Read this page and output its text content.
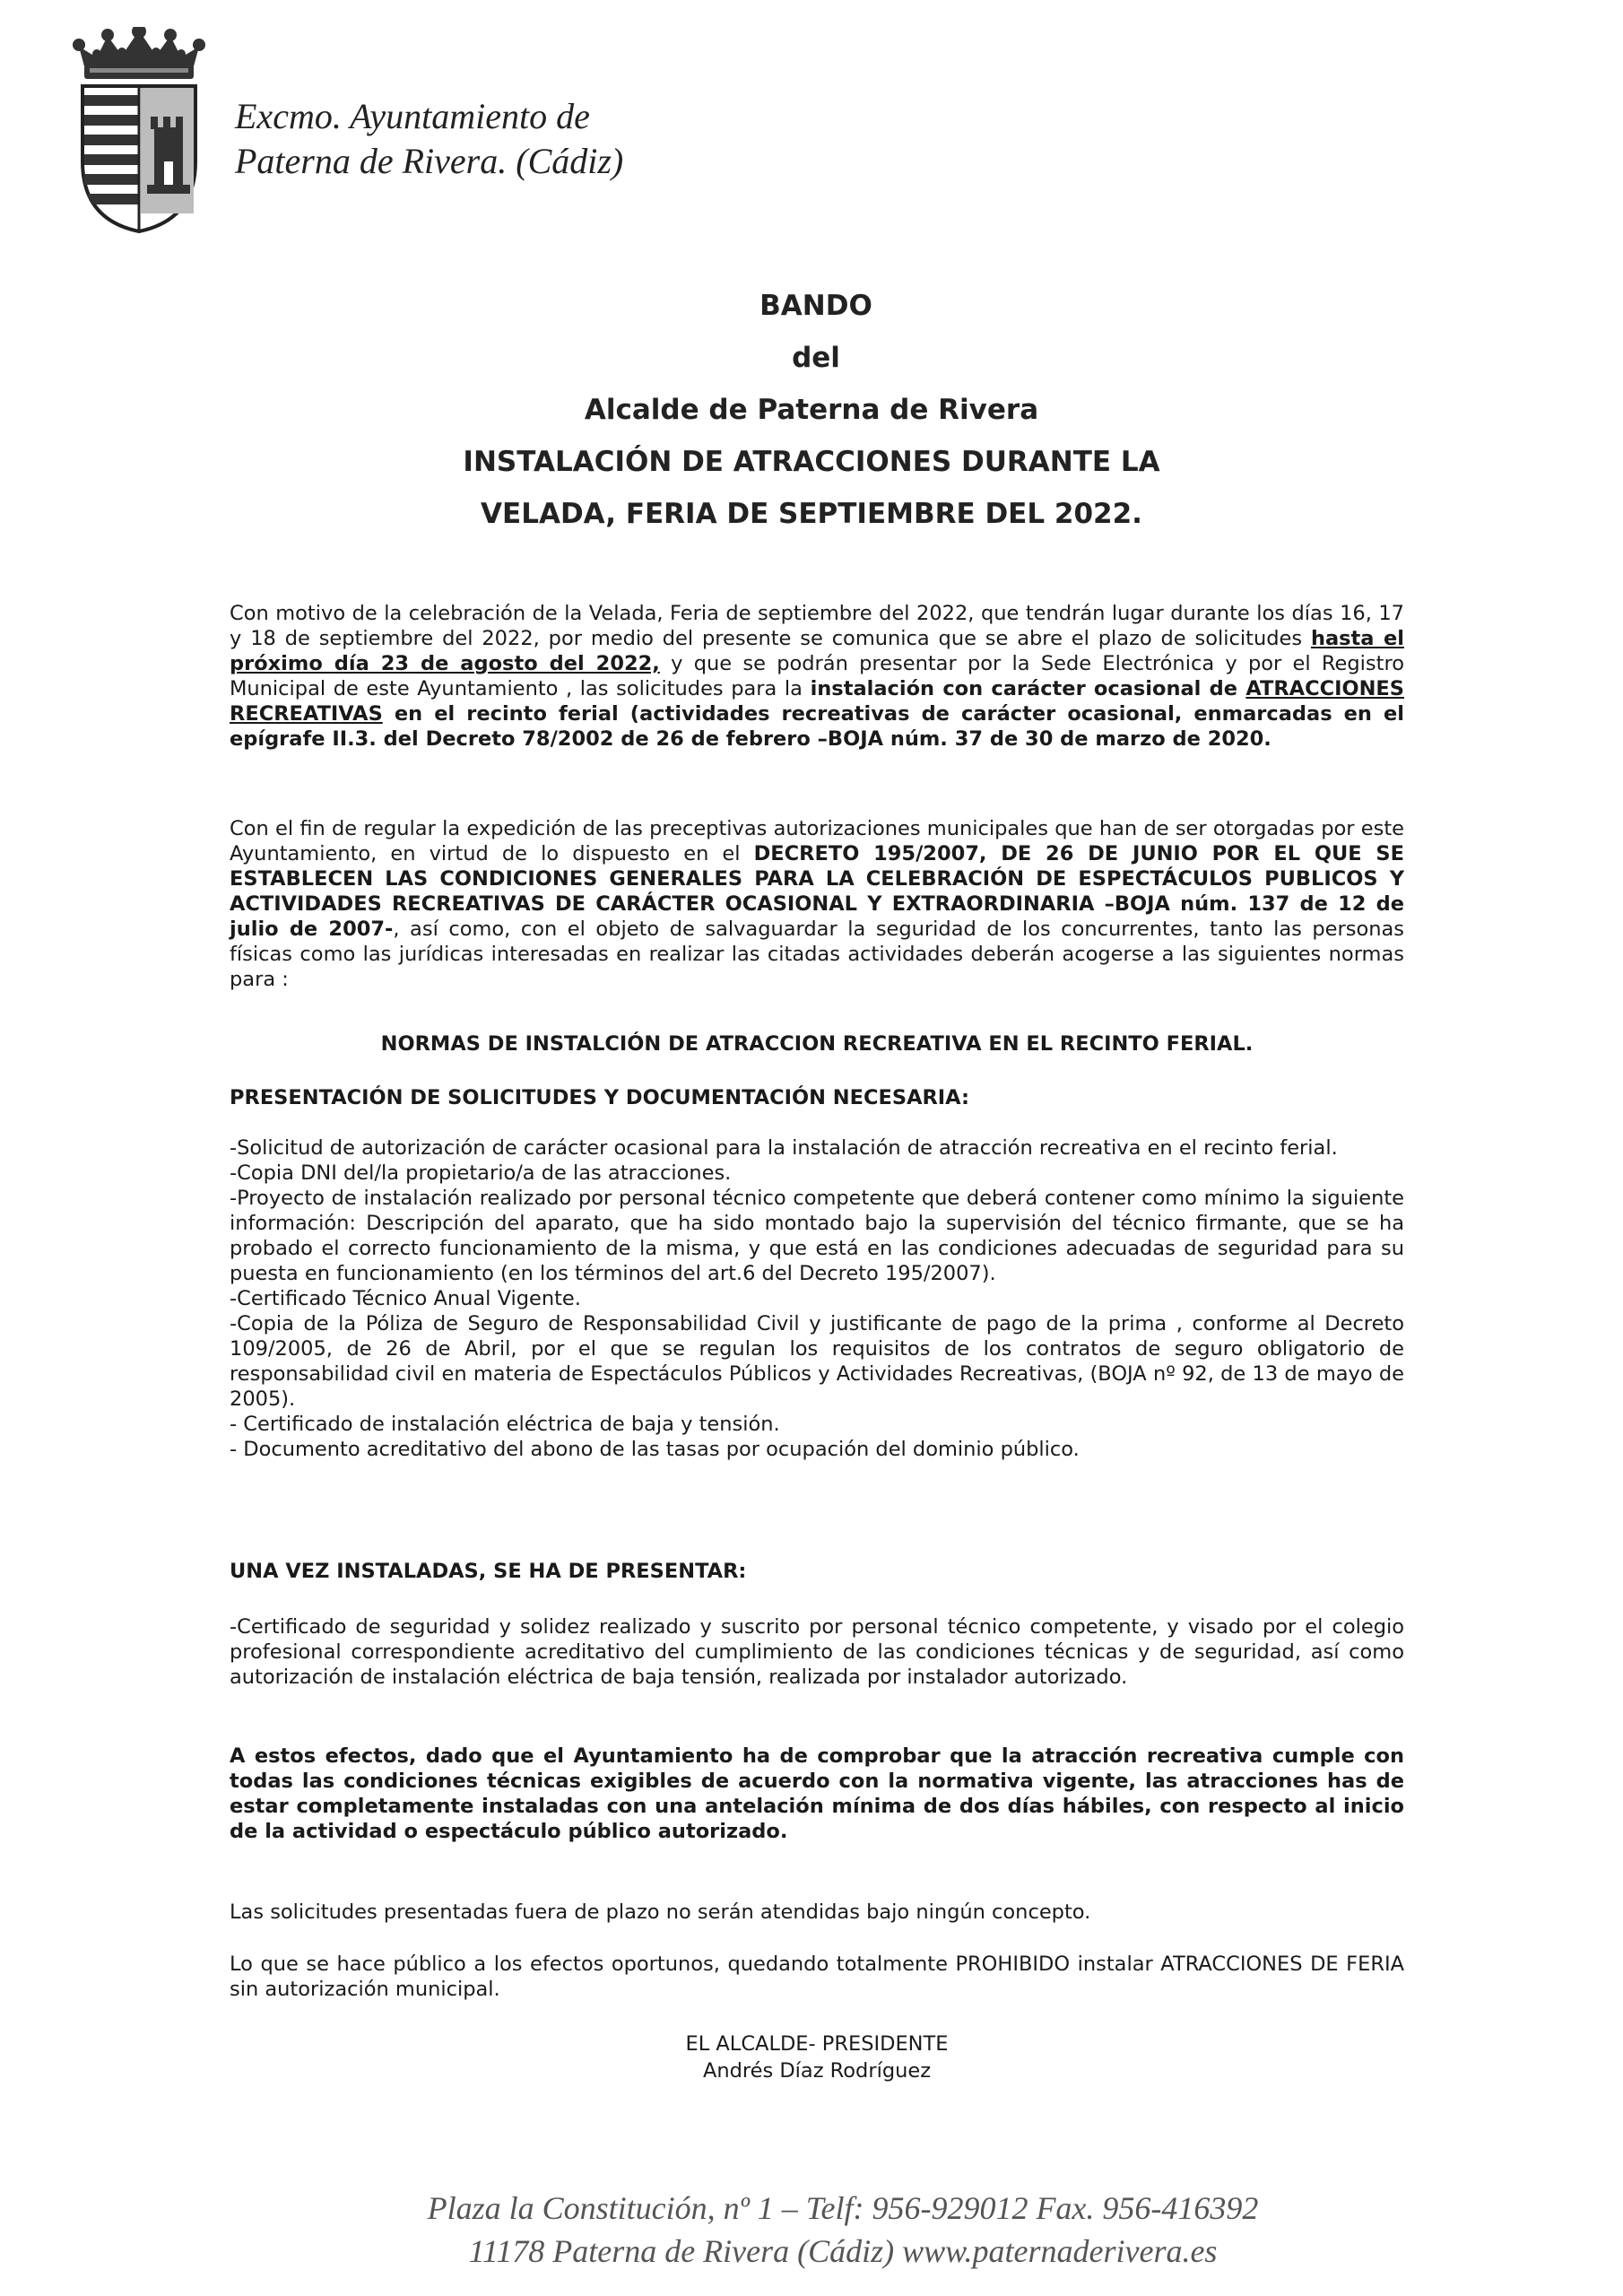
Excmo. Ayuntamiento de
Paterna de Rivera. (Cádiz)
BANDO
del
Alcalde de Paterna de Rivera
INSTALACIÓN DE ATRACCIONES DURANTE LA
VELADA, FERIA DE SEPTIEMBRE DEL 2022.

Con motivo de la celebración de la Velada, Feria de septiembre del 2022, que tendrán lugar durante los días 16, 17 y 18 de septiembre del 2022, por medio del presente se comunica que se abre el plazo de solicitudes hasta el próximo día 23 de agosto del 2022, y que se podrán presentar por la Sede Electrónica y por el Registro Municipal de este Ayuntamiento , las solicitudes para la instalación con carácter ocasional de ATRACCIONES RECREATIVAS en el recinto ferial (actividades recreativas de carácter ocasional, enmarcadas en el epígrafe II.3. del Decreto 78/2002 de 26 de febrero –BOJA núm. 37 de 30 de marzo de 2020.

Con el fin de regular la expedición de las preceptivas autorizaciones municipales que han de ser otorgadas por este Ayuntamiento, en virtud de lo dispuesto en el DECRETO 195/2007, DE 26 DE JUNIO POR EL QUE SE ESTABLECEN LAS CONDICIONES GENERALES PARA LA CELEBRACIÓN DE ESPECTÁCULOS PUBLICOS Y ACTIVIDADES RECREATIVAS DE CARÁCTER OCASIONAL Y EXTRAORDINARIA –BOJA núm. 137 de 12 de julio de 2007-, así como, con el objeto de salvaguardar la seguridad de los concurrentes, tanto las personas físicas como las jurídicas interesadas en realizar las citadas actividades deberán acogerse a las siguientes normas para :

NORMAS DE INSTALCIÓN DE ATRACCION RECREATIVA EN EL RECINTO FERIAL.
PRESENTACIÓN DE SOLICITUDES Y DOCUMENTACIÓN NECESARIA:

-Solicitud de autorización de carácter ocasional para la instalación de atracción recreativa en el recinto ferial.

-Copia DNI del/la propietario/a de las atracciones.

-Proyecto de instalación realizado por personal técnico competente que deberá contener como mínimo la siguiente información: Descripción del aparato, que ha sido montado bajo la supervisión del técnico firmante, que se ha probado el correcto funcionamiento de la misma, y que está en las condiciones adecuadas de seguridad para su puesta en funcionamiento (en los términos del art.6 del Decreto 195/2007).

-Certificado Técnico Anual Vigente.

-Copia de la Póliza de Seguro de Responsabilidad Civil y justificante de pago de la prima , conforme al Decreto 109/2005, de 26 de Abril, por el que se regulan los requisitos de los contratos de seguro obligatorio de responsabilidad civil en materia de Espectáculos Públicos y Actividades Recreativas, (BOJA nº 92, de 13 de mayo de 2005).

- Certificado de instalación eléctrica de baja y tensión.

- Documento acreditativo del abono de las tasas por ocupación del dominio público.

UNA VEZ INSTALADAS, SE HA DE PRESENTAR:
-Certificado de seguridad y solidez realizado y suscrito por personal técnico competente, y visado por el colegio profesional correspondiente acreditativo del cumplimiento de las condiciones técnicas y de seguridad, así como autorización de instalación eléctrica de baja tensión, realizada por instalador autorizado.
A estos efectos, dado que el Ayuntamiento ha de comprobar que la atracción recreativa cumple con todas las condiciones técnicas exigibles de acuerdo con la normativa vigente, las atracciones has de estar completamente instaladas con una antelación mínima de dos días hábiles, con respecto al inicio de la actividad o espectáculo público autorizado.
Las solicitudes presentadas fuera de plazo no serán atendidas bajo ningún concepto.
Lo que se hace público a los efectos oportunos, quedando totalmente PROHIBIDO instalar ATRACCIONES DE FERIA sin autorización municipal.
EL ALCALDE- PRESIDENTE
Andrés Díaz Rodríguez
Plaza la Constitución, nº 1 – Telf: 956-929012 Fax. 956-416392
11178 Paterna de Rivera (Cádiz) www.paternaderivera.es
